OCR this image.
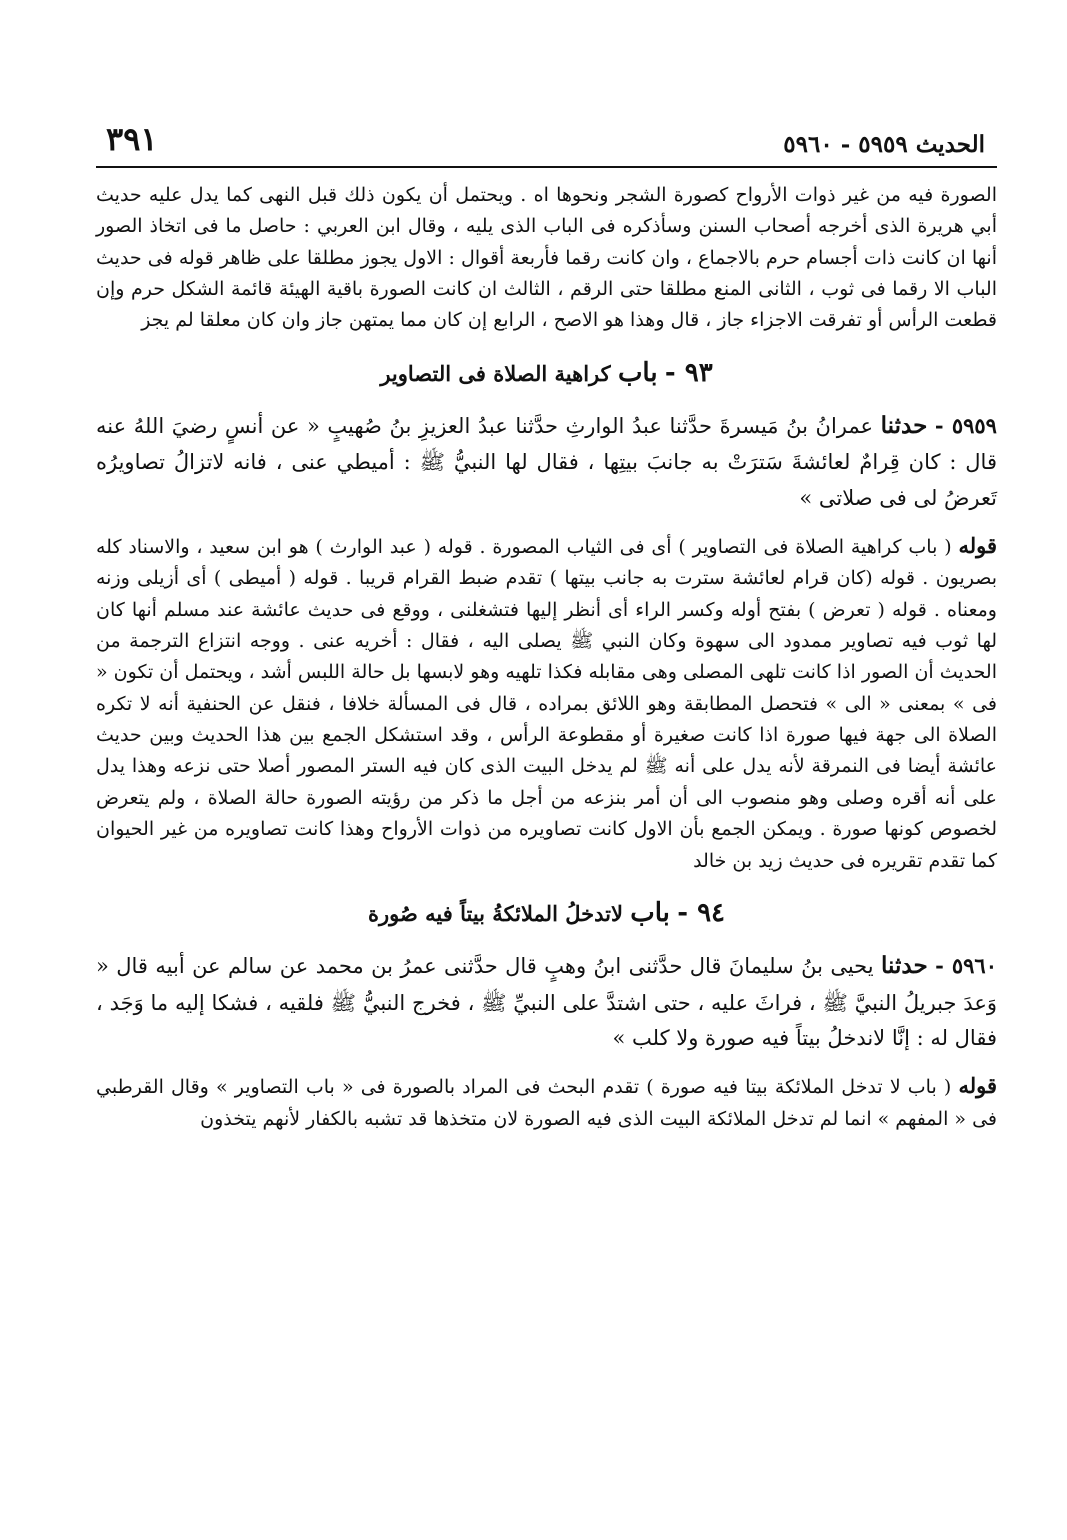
الحديث ٥٩٥٩ - ٥٩٦٠
٣٩١

الصورة فيه من غير ذوات الأرواح كصورة الشجر ونحوها اه . ويحتمل أن يكون ذلك قبل النهى كما يدل عليه حديث أبي هريرة الذى أخرجه أصحاب السنن وسأذكره فى الباب الذى يليه ، وقال ابن العربي : حاصل ما فى اتخاذ الصور أنها ان كانت ذات أجسام حرم بالاجماع ، وان كانت رقما فأربعة أقوال : الاول يجوز مطلقا على ظاهر قوله فى حديث الباب الا رقما فى ثوب ، الثانى المنع مطلقا حتى الرقم ، الثالث ان كانت الصورة باقية الهيئة قائمة الشكل حرم وإن قطعت الرأس أو تفرقت الاجزاء جاز ، قال وهذا هو الاصح ، الرابع إن كان مما يمتهن جاز وان كان معلقا لم يجز

٩٣ - باب كراهية الصلاة فى التصاوير
٥٩٥٩ - حدثنا عمرانُ بنُ مَيسرةَ حدَّثنا عبدُ الوارثِ حدَّثنا عبدُ العزيزِ بنُ صُهيبٍ « عن أنسٍ رضيَ اللهُ عنه قال : كان قِرامٌ لعائشةَ سَترَتْ به جانبَ بيتِها ، فقال لها النبيُّ ﷺ : أميطي عنى ، فانه لاتزالُ تصاويرُه تَعرضُ لى فى صلاتى »
قوله ( باب كراهية الصلاة فى التصاوير ) أى فى الثياب المصورة . قوله ( عبد الوارث ) هو ابن سعيد ، والاسناد كله بصريون . قوله (كان قرام لعائشة سترت به جانب بيتها ) تقدم ضبط القرام قريبا . قوله ( أميطى ) أى أزيلى وزنه ومعناه . قوله ( تعرض ) بفتح أوله وكسر الراء أى أنظر إليها فتشغلنى ، ووقع فى حديث عائشة عند مسلم أنها كان لها ثوب فيه تصاوير ممدود الى سهوة وكان النبي ﷺ يصلى اليه ، فقال : أخريه عنى . ووجه انتزاع الترجمة من الحديث أن الصور اذا كانت تلهى المصلى وهى مقابله فكذا تلهيه وهو لابسها بل حالة اللبس أشد ، ويحتمل أن تكون « فى » بمعنى « الى » فتحصل المطابقة وهو اللائق بمراده ، قال فى المسألة خلافا ، فنقل عن الحنفية أنه لا تكره الصلاة الى جهة فيها صورة اذا كانت صغيرة أو مقطوعة الرأس ، وقد استشكل الجمع بين هذا الحديث وبين حديث عائشة أيضا فى النمرقة لأنه يدل على أنه ﷺ لم يدخل البيت الذى كان فيه الستر المصور أصلا حتى نزعه وهذا يدل على أنه أقره وصلى وهو منصوب الى أن أمر بنزعه من أجل ما ذكر من رؤيته الصورة حالة الصلاة ، ولم يتعرض لخصوص كونها صورة . ويمكن الجمع بأن الاول كانت تصاويره من ذوات الأرواح وهذا كانت تصاويره من غير الحيوان كما تقدم تقريره فى حديث زيد بن خالد
٩٤ - باب لاتدخلُ الملائكةُ بيتاً فيه صُورة
٥٩٦٠ - حدثنا يحيى بنُ سليمانَ قال حدَّثنى ابنُ وهبٍ قال حدَّثنى عمرُ بن محمد عن سالم عن أبيه قال « وَعدَ جبريلُ النبيَّ ﷺ ، فراثَ عليه ، حتى اشتدَّ على النبيِّ ﷺ ، فخرج النبيُّ ﷺ فلقيه ، فشكا إليه ما وَجَد ، فقال له : إنَّا لاندخلُ بيتاً فيه صورة ولا كلب »
قوله ( باب لا تدخل الملائكة بيتا فيه صورة ) تقدم البحث فى المراد بالصورة فى « باب التصاوير » وقال القرطبي فى « المفهم » انما لم تدخل الملائكة البيت الذى فيه الصورة لان متخذها قد تشبه بالكفار لأنهم يتخذون
